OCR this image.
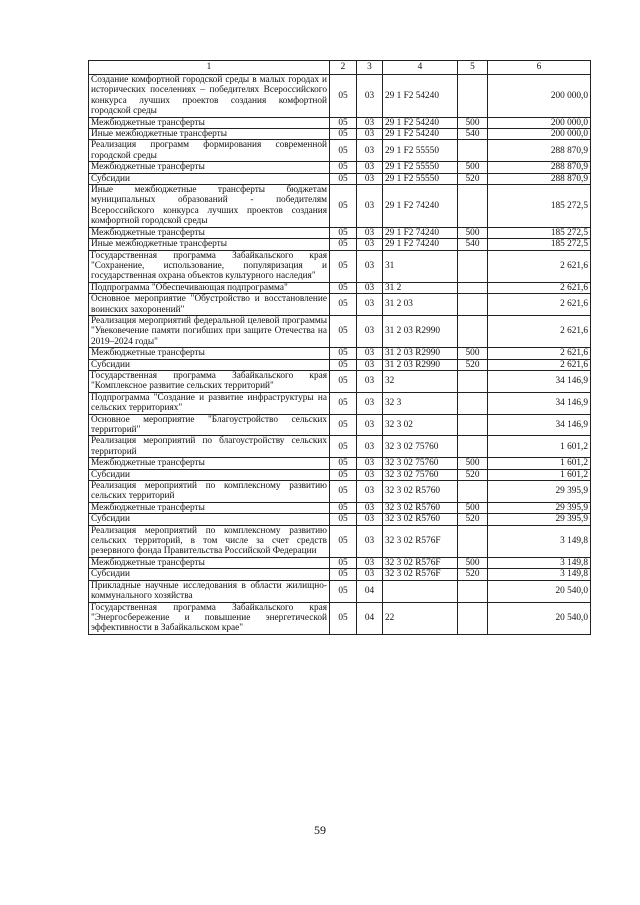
1	2	3	4	5	6
Создание комфортной городской среды в малых городах и исторических поселениях – победителях Всероссийского конкурса лучших проектов создания комфортной городской среды	05	03	29 1 F2 54240		200 000,0
Межбюджетные трансферты	05	03	29 1 F2 54240	500	200 000,0
Иные межбюджетные трансферты	05	03	29 1 F2 54240	540	200 000,0
Реализация программ формирования современной городской среды	05	03	29 1 F2 55550		288 870,9
Межбюджетные трансферты	05	03	29 1 F2 55550	500	288 870,9
Субсидии	05	03	29 1 F2 55550	520	288 870,9
Иные межбюджетные трансферты бюджетам муниципальных образований - победителям Всероссийского конкурса лучших проектов создания комфортной городской среды	05	03	29 1 F2 74240		185 272,5
Межбюджетные трансферты	05	03	29 1 F2 74240	500	185 272,5
Иные межбюджетные трансферты	05	03	29 1 F2 74240	540	185 272,5
Государственная программа Забайкальского края "Сохранение, использование, популяризация и государственная охрана объектов культурного наследия"	05	03	31		2 621,6
Подпрограмма "Обеспечивающая подпрограмма"	05	03	31 2		2 621,6
Основное мероприятие "Обустройство и восстановление воинских захоронений"	05	03	31 2 03		2 621,6
Реализация мероприятий федеральной целевой программы "Увековечение памяти погибших при защите Отечества на 2019–2024 годы"	05	03	31 2 03 R2990		2 621,6
Межбюджетные трансферты	05	03	31 2 03 R2990	500	2 621,6
Субсидии	05	03	31 2 03 R2990	520	2 621,6
Государственная программа Забайкальского края "Комплексное развитие сельских территорий"	05	03	32		34 146,9
Подпрограмма "Создание и развитие инфраструктуры на сельских территориях"	05	03	32 3		34 146,9
Основное мероприятие "Благоустройство сельских территорий"	05	03	32 3 02		34 146,9
Реализация мероприятий по благоустройству сельских территорий	05	03	32 3 02 75760		1 601,2
Межбюджетные трансферты	05	03	32 3 02 75760	500	1 601,2
Субсидии	05	03	32 3 02 75760	520	1 601,2
Реализация мероприятий по комплексному развитию сельских территорий	05	03	32 3 02 R5760		29 395,9
Межбюджетные трансферты	05	03	32 3 02 R5760	500	29 395,9
Субсидии	05	03	32 3 02 R5760	520	29 395,9
Реализация мероприятий по комплексному развитию сельских территорий, в том числе за счет средств резервного фонда Правительства Российской Федерации	05	03	32 3 02 R576F		3 149,8
Межбюджетные трансферты	05	03	32 3 02 R576F	500	3 149,8
Субсидии	05	03	32 3 02 R576F	520	3 149,8
Прикладные научные исследования в области жилищно-коммунального хозяйства	05	04			20 540,0
Государственная программа Забайкальского края "Энергосбережение и повышение энергетической эффективности в Забайкальском крае"	05	04	22		20 540,0
59
